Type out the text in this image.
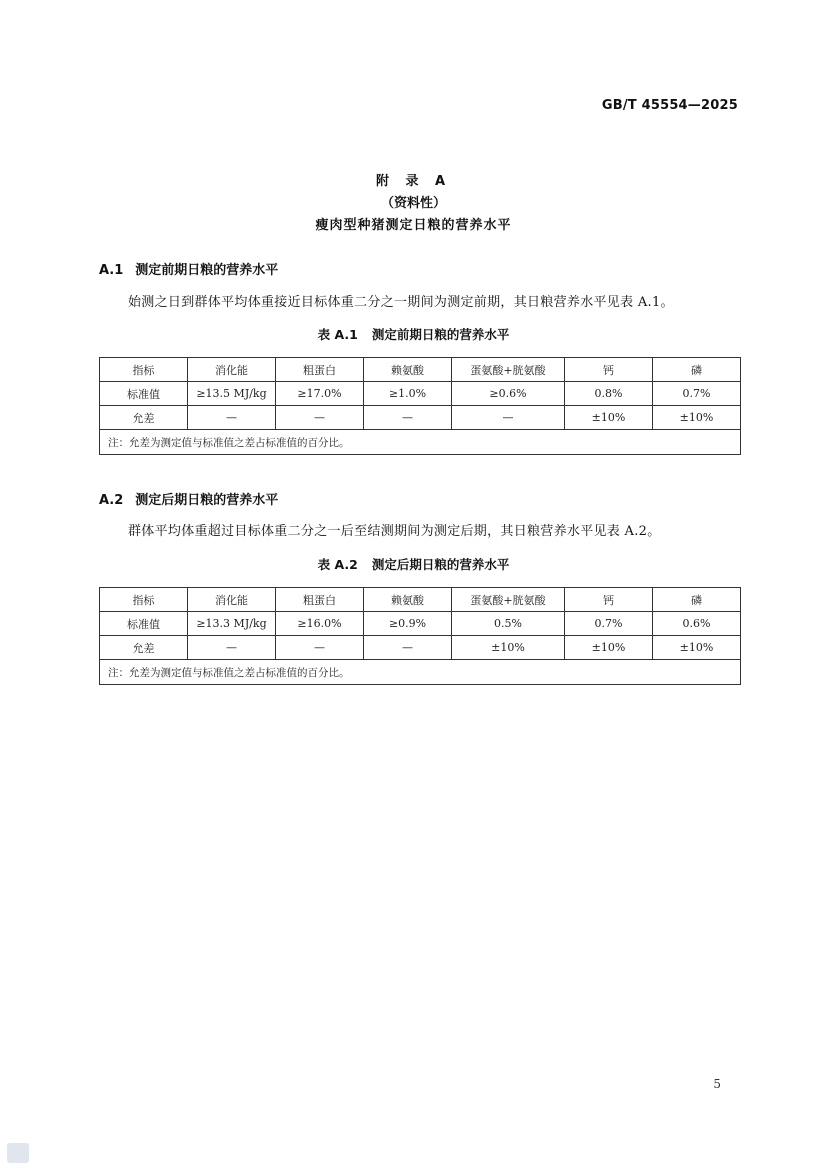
GB/T 45554—2025
附 录 A
（资料性）
瘦肉型种猪测定日粮的营养水平
A.1 测定前期日粮的营养水平
始测之日到群体平均体重接近目标体重二分之一期间为测定前期，其日粮营养水平见表 A.1。
表 A.1 测定前期日粮的营养水平
指标	消化能	粗蛋白	赖氨酸	蛋氨酸+胱氨酸	钙	磷
标准值	≥13.5 MJ/kg	≥17.0%	≥1.0%	≥0.6%	0.8%	0.7%
允差	—	—	—	—	±10%	±10%
注：允差为测定值与标准值之差占标准值的百分比。						
A.2 测定后期日粮的营养水平
群体平均体重超过目标体重二分之一后至结测期间为测定后期，其日粮营养水平见表 A.2。
表 A.2 测定后期日粮的营养水平
指标	消化能	粗蛋白	赖氨酸	蛋氨酸+胱氨酸	钙	磷
标准值	≥13.3 MJ/kg	≥16.0%	≥0.9%	0.5%	0.7%	0.6%
允差	—	—	—	±10%	±10%	±10%
注：允差为测定值与标准值之差占标准值的百分比。						
5
